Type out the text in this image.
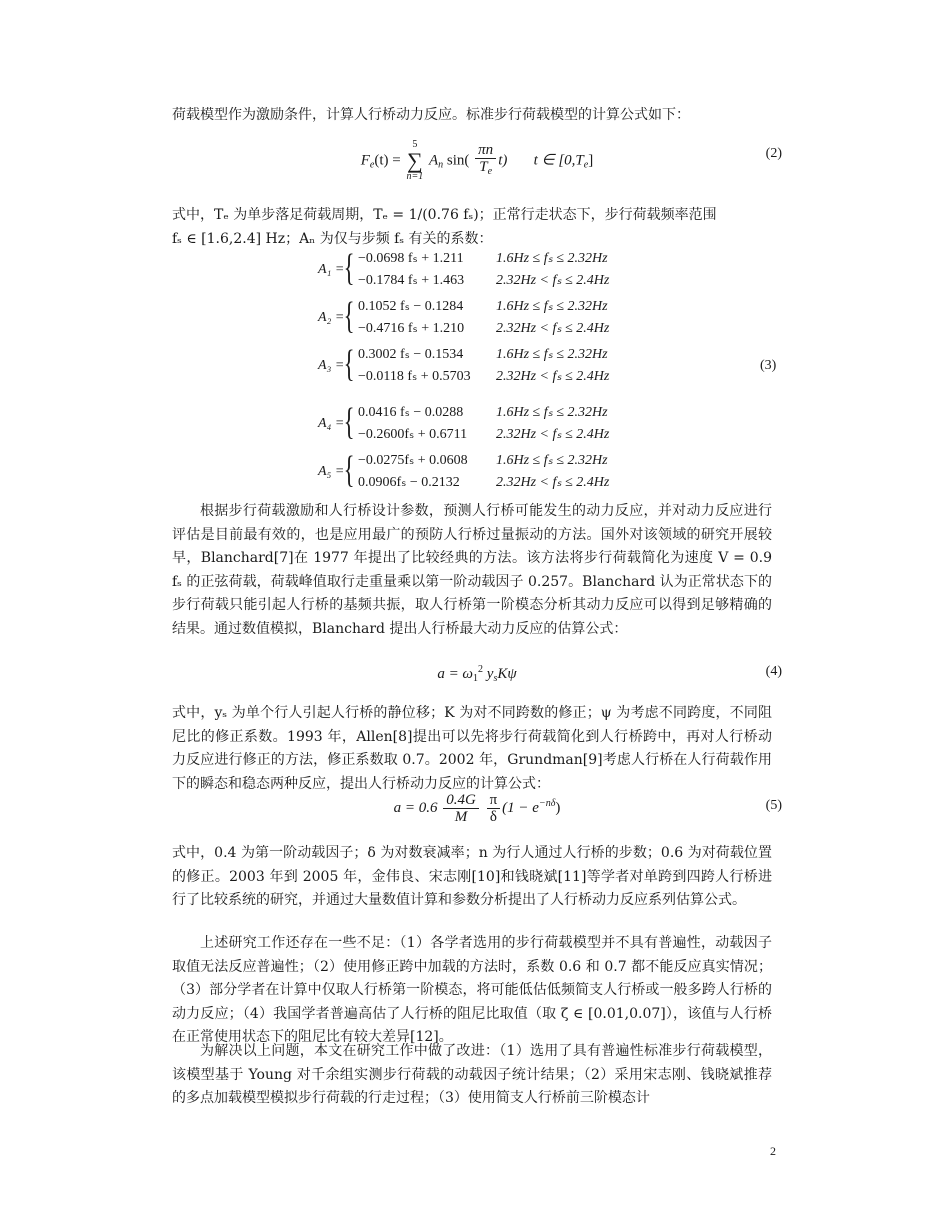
荷载模型作为激励条件，计算人行桥动力反应。标准步行荷载模型的计算公式如下：
$F_e(t) = 5$
∑
n=1 $A_n$ $\sin( \frac{\pi n}{T_e} t)$ t ∈ $[0,T_e]$	(2)
式中，Tₑ 为单步落足荷载周期，Tₑ = 1/(0.76 fₛ)；正常行走状态下，步行荷载频率范围
fₛ ∈ [1.6,2.4] Hz；Aₙ 为仅与步频 fₛ 有关的系数：
A₁ = { −0.0698 fₛ + 1.211 1.6Hz ≤ fₛ ≤ 2.32Hz
−0.1784 fₛ + 1.463 2.32Hz < fₛ ≤ 2.4Hz
A₂ = { 0.1052 fₛ − 0.1284 1.6Hz ≤ fₛ ≤ 2.32Hz
−0.4716 fₛ + 1.210 2.32Hz < fₛ ≤ 2.4Hz
A₃ = { 0.3002 fₛ − 0.1534 1.6Hz ≤ fₛ ≤ 2.32Hz
−0.0118 fₛ + 0.5703 2.32Hz < fₛ ≤ 2.4Hz
A₄ = { 0.0416 fₛ − 0.0288 1.6Hz ≤ fₛ ≤ 2.32Hz
−0.2600fₛ + 0.6711 2.32Hz < fₛ ≤ 2.4Hz
A₅ = { −0.0275fₛ + 0.0608 1.6Hz ≤ fₛ ≤ 2.32Hz
0.0906fₛ − 0.2132	2.32Hz < fₛ ≤ 2.4Hz
(3)
根据步行荷载激励和人行桥设计参数，预测人行桥可能发生的动力反应，并对动力反应进行评估是目前最有效的，也是应用最广的预防人行桥过量振动的方法。国外对该领域的研究开展较早，Blanchard[7]在 1977 年提出了比较经典的方法。该方法将步行荷载简化为速度 V = 0.9 fₛ 的正弦荷载，荷载峰值取行走重量乘以第一阶动载因子 0.257。Blanchard 认为正常状态下的步行荷载只能引起人行桥的基频共振，取人行桥第一阶模态分析其动力反应可以得到足够精确的结果。通过数值模拟，Blanchard 提出人行桥最大动力反应的估算公式：
$a = \omega_1^2$ $y_sK\psi$	(4)
式中，yₛ 为单个行人引起人行桥的静位移；K 为对不同跨数的修正；ψ 为考虑不同跨度，不同阻尼比的修正系数。1993 年，Allen[8]提出可以先将步行荷载简化到人行桥跨中，再对人行桥动力反应进行修正的方法，修正系数取 0.7。2002 年，Grundman[9]考虑人行桥在人行荷载作用下的瞬态和稳态两种反应，提出人行桥动力反应的计算公式：
$a = 0.6 \frac{0.4G}{M}$
$\frac{\pi}{\delta} (1 - e^{-n\delta})$	(5)
式中，0.4 为第一阶动载因子；δ 为对数衰减率；n 为行人通过人行桥的步数；0.6 为对荷载位置的修正。2003 年到 2005 年，金伟良、宋志刚[10]和钱晓斌[11]等学者对单跨到四跨人行桥进行了比较系统的研究，并通过大量数值计算和参数分析提出了人行桥动力反应系列估算公式。
上述研究工作还存在一些不足：（1）各学者选用的步行荷载模型并不具有普遍性，动载因子取值无法反应普遍性；（2）使用修正跨中加载的方法时，系数 0.6 和 0.7 都不能反应真实情况；（3）部分学者在计算中仅取人行桥第一阶模态，将可能低估低频简支人行桥或一般多跨人行桥的动力反应；（4）我国学者普遍高估了人行桥的阻尼比取值（取 ζ ∈ [0.01,0.07]），该值与人行桥在正常使用状态下的阻尼比有较大差异[12]。
为解决以上问题，本文在研究工作中做了改进：（1）选用了具有普遍性标准步行荷载模型，该模型基于 Young 对千余组实测步行荷载的动载因子统计结果；（2）采用宋志刚、钱晓斌推荐的多点加载模型模拟步行荷载的行走过程；（3）使用简支人行桥前三阶模态计
2
